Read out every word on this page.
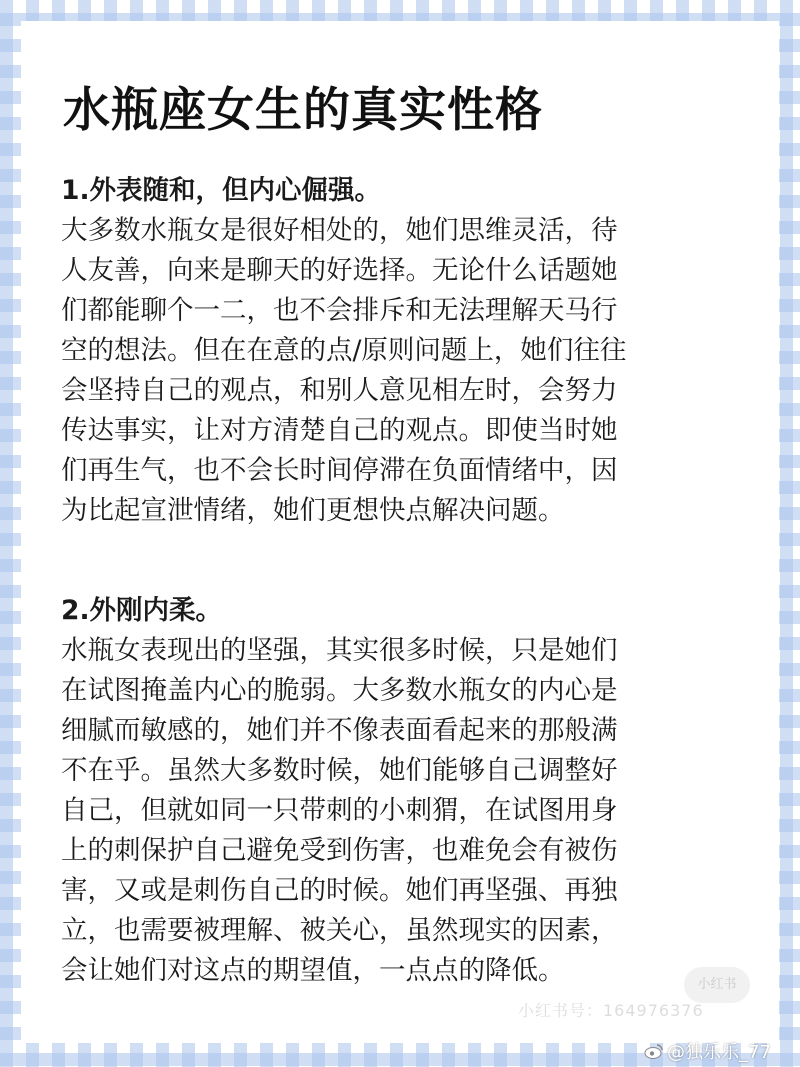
水瓶座女生的真实性格

1.外表随和，但内心倔强。

大多数水瓶女是很好相处的，她们思维灵活，待

人友善，向来是聊天的好选择。无论什么话题她

们都能聊个一二，也不会排斥和无法理解天马行

空的想法。但在在意的点/原则问题上，她们往往

会坚持自己的观点，和别人意见相左时，会努力

传达事实，让对方清楚自己的观点。即使当时她

们再生气，也不会长时间停滞在负面情绪中，因

为比起宣泄情绪，她们更想快点解决问题。

2.外刚内柔。

水瓶女表现出的坚强，其实很多时候，只是她们

在试图掩盖内心的脆弱。大多数水瓶女的内心是

细腻而敏感的，她们并不像表面看起来的那般满

不在乎。虽然大多数时候，她们能够自己调整好

自己，但就如同一只带刺的小刺猬，在试图用身

上的刺保护自己避免受到伤害，也难免会有被伤

害，又或是刺伤自己的时候。她们再坚强、再独

立，也需要被理解、被关心，虽然现实的因素，

会让她们对这点的期望值，一点点的降低。	小红书
小红书号：164976376
@独乐乐_77
